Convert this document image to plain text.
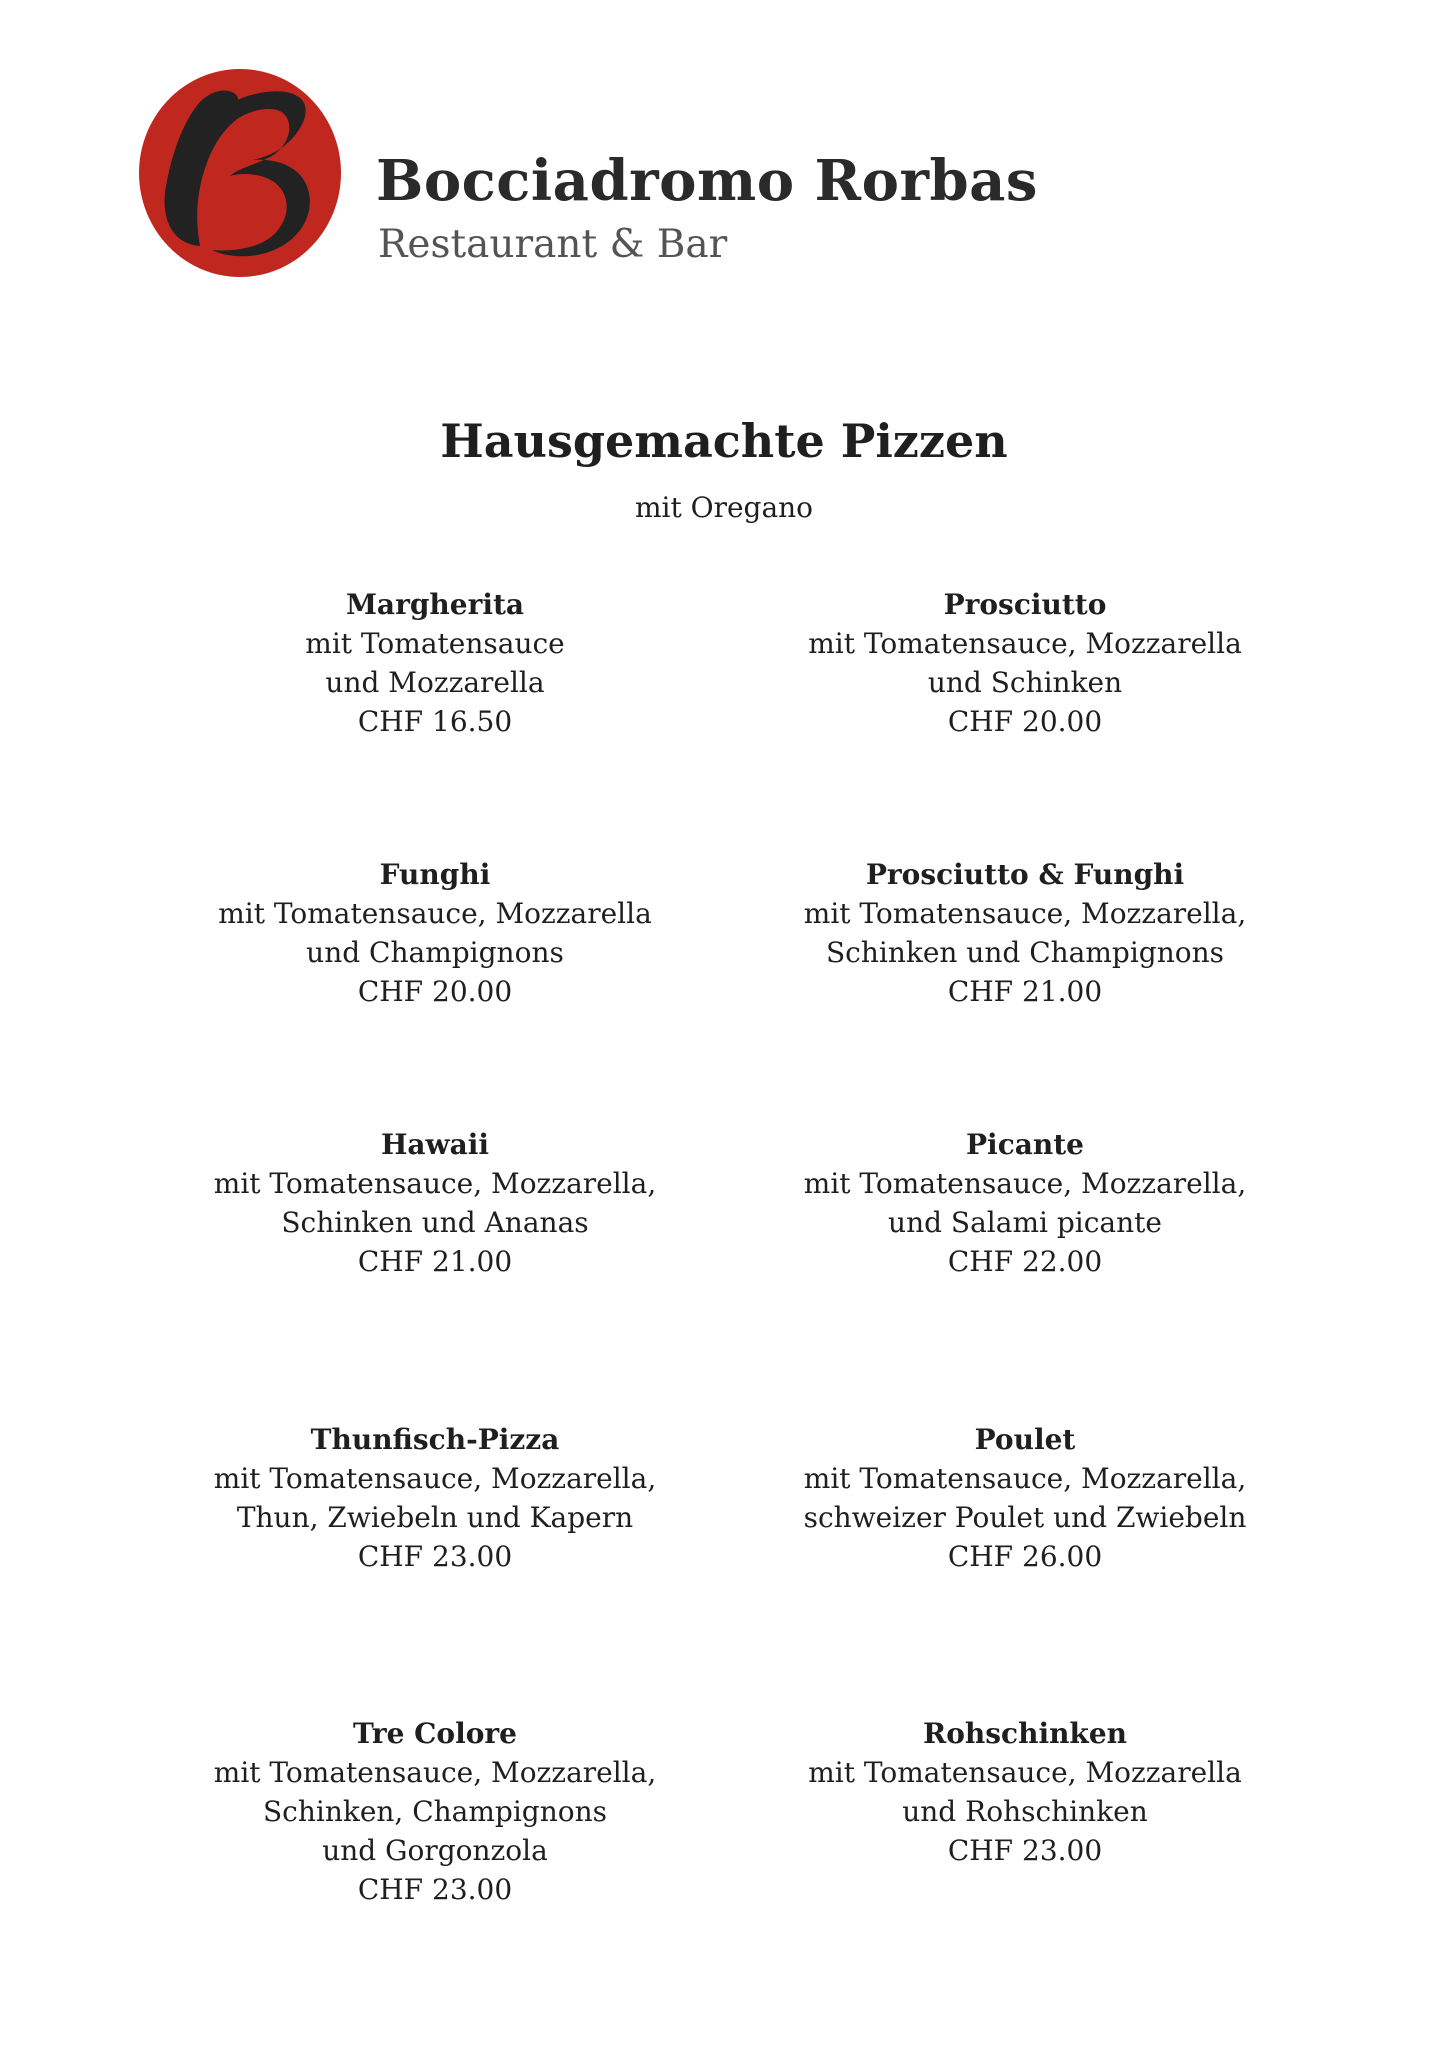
Bocciadromo Rorbas
Restaurant & Bar
Hausgemachte Pizzen
mit Oregano
Margherita
mit Tomatensauce
und Mozzarella
CHF 16.50
Prosciutto
mit Tomatensauce, Mozzarella
und Schinken
CHF 20.00
Funghi
mit Tomatensauce, Mozzarella
und Champignons
CHF 20.00
Prosciutto & Funghi
mit Tomatensauce, Mozzarella,
Schinken und Champignons
CHF 21.00
Hawaii
mit Tomatensauce, Mozzarella,
Schinken und Ananas
CHF 21.00
Picante
mit Tomatensauce, Mozzarella,
und Salami picante
CHF 22.00
Thunfisch-Pizza
mit Tomatensauce, Mozzarella,
Thun, Zwiebeln und Kapern
CHF 23.00
Poulet
mit Tomatensauce, Mozzarella,
schweizer Poulet und Zwiebeln
CHF 26.00
Tre Colore
mit Tomatensauce, Mozzarella,
Schinken, Champignons
und Gorgonzola
CHF 23.00
Rohschinken
mit Tomatensauce, Mozzarella
und Rohschinken
CHF 23.00
